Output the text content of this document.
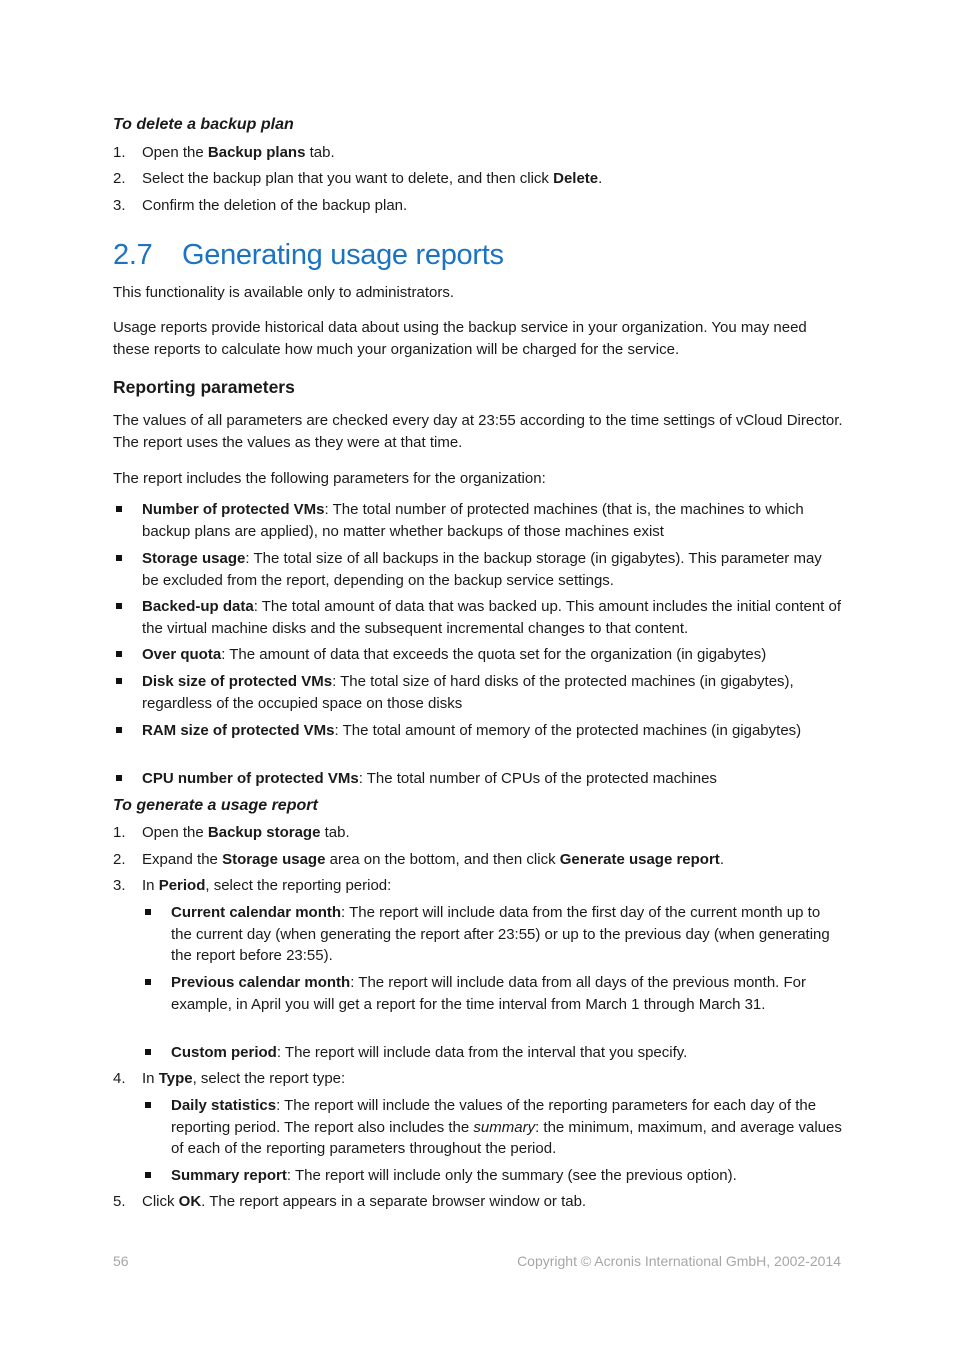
To delete a backup plan

1. Open the Backup plans tab.

2. Select the backup plan that you want to delete, and then click Delete.

3. Confirm the deletion of the backup plan.

2.7 Generating usage reports

This functionality is available only to administrators.

Usage reports provide historical data about using the backup service in your organization. You may need these reports to calculate how much your organization will be charged for the service.

Reporting parameters

The values of all parameters are checked every day at 23:55 according to the time settings of vCloud Director. The report uses the values as they were at that time.

The report includes the following parameters for the organization:

Number of protected VMs: The total number of protected machines (that is, the machines to which backup plans are applied), no matter whether backups of those machines exist

Storage usage: The total size of all backups in the backup storage (in gigabytes). This parameter may be excluded from the report, depending on the backup service settings.

Backed-up data: The total amount of data that was backed up. This amount includes the initial content of the virtual machine disks and the subsequent incremental changes to that content.

Over quota: The amount of data that exceeds the quota set for the organization (in gigabytes)

Disk size of protected VMs: The total size of hard disks of the protected machines (in gigabytes), regardless of the occupied space on those disks

RAM size of protected VMs: The total amount of memory of the protected machines (in gigabytes)

CPU number of protected VMs: The total number of CPUs of the protected machines

To generate a usage report

1. Open the Backup storage tab.

2. Expand the Storage usage area on the bottom, and then click Generate usage report.

3. In Period, select the reporting period:

Current calendar month: The report will include data from the first day of the current month up to the current day (when generating the report after 23:55) or up to the previous day (when generating the report before 23:55).

Previous calendar month: The report will include data from all days of the previous month. For example, in April you will get a report for the time interval from March 1 through March 31.

Custom period: The report will include data from the interval that you specify.

4. In Type, select the report type:

Daily statistics: The report will include the values of the reporting parameters for each day of the reporting period. The report also includes the summary: the minimum, maximum, and average values of each of the reporting parameters throughout the period.

Summary report: The report will include only the summary (see the previous option).

5. Click OK. The report appears in a separate browser window or tab.

56	Copyright © Acronis International GmbH, 2002-2014
